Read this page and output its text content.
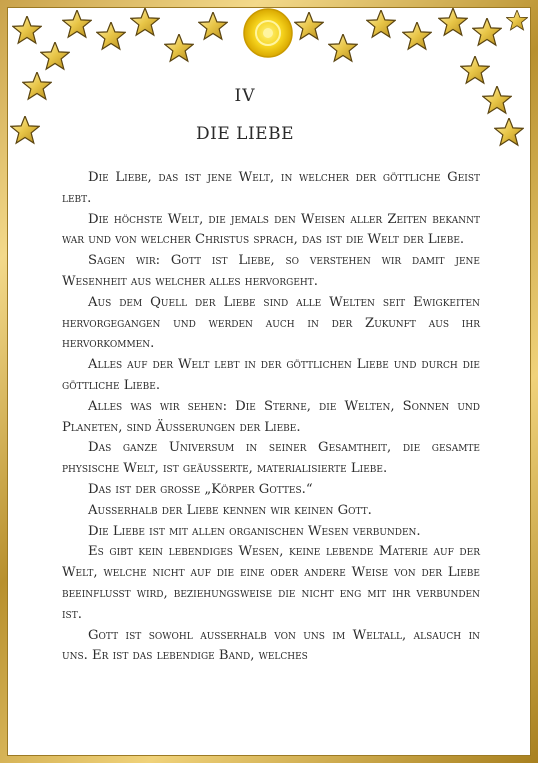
IV
DIE LIEBE

Die Liebe, das ist jene Welt, in welcher der göttliche Geist lebt.

Die höchste Welt, die jemals den Weisen aller Zeiten bekannt war und von welcher Christus sprach, das ist die Welt der Liebe.

Sagen wir: Gott ist Liebe, so verstehen wir damit jene Wesenheit aus welcher alles hervorgeht.

Aus dem Quell der Liebe sind alle Welten seit Ewigkeiten hervorgegangen und werden auch in der Zukunft aus ihr hervorkommen.

Alles auf der Welt lebt in der göttlichen Liebe und durch die göttliche Liebe.

Alles was wir sehen: Die Sterne, die Welten, Sonnen und Planeten, sind Äusserungen der Liebe.

Das ganze Universum in seiner Gesamtheit, die gesamte physische Welt, ist geäusserte, materialisierte Liebe.

Das ist der grosse „Körper Gottes.“

Ausserhalb der Liebe kennen wir keinen Gott.

Die Liebe ist mit allen organischen Wesen verbunden.

Es gibt kein lebendiges Wesen, keine lebende Materie auf der Welt, welche nicht auf die eine oder andere Weise von der Liebe beeinflusst wird, beziehungsweise die nicht eng mit ihr verbunden ist.

Gott ist sowohl ausserhalb von uns im Weltall, alsauch in uns. Er ist das lebendige Band, welches
